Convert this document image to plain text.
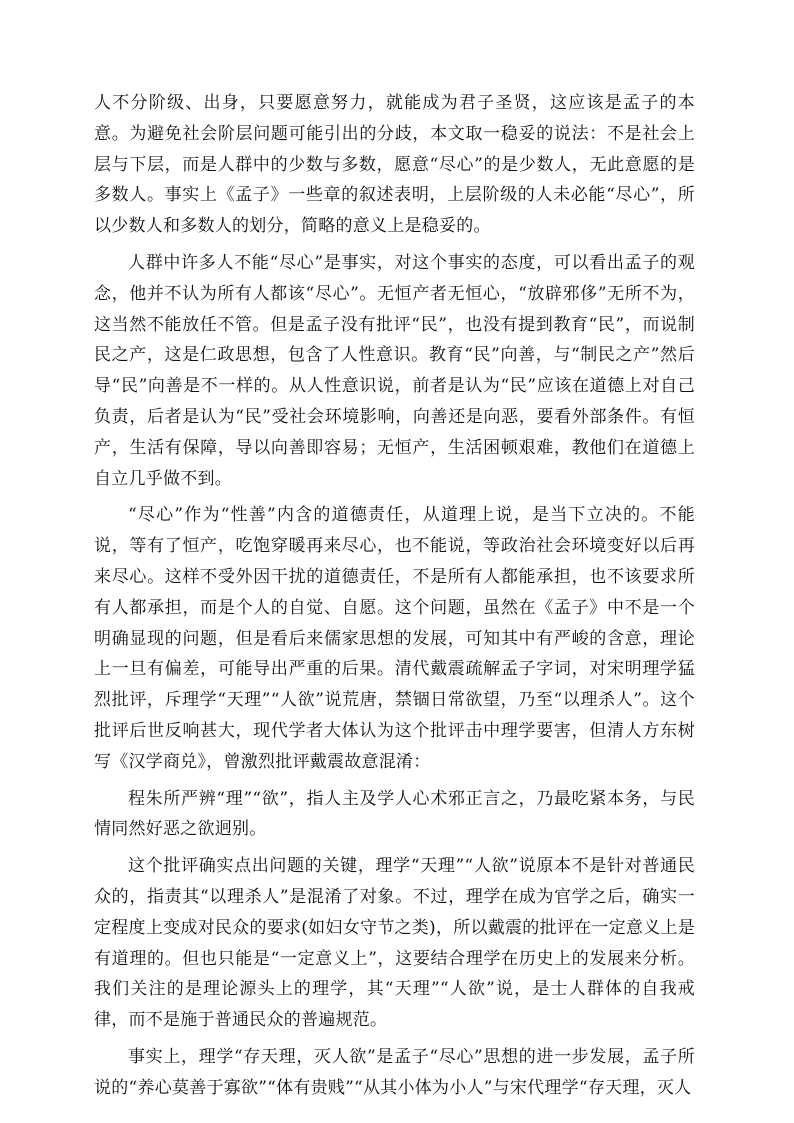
人不分阶级、出身，只要愿意努力，就能成为君子圣贤，这应该是孟子的本意。为避免社会阶层问题可能引出的分歧，本文取一稳妥的说法：不是社会上层与下层，而是人群中的少数与多数，愿意“尽心”的是少数人，无此意愿的是多数人。事实上《孟子》一些章的叙述表明，上层阶级的人未必能“尽心”，所以少数人和多数人的划分，简略的意义上是稳妥的。

人群中许多人不能“尽心”是事实，对这个事实的态度，可以看出孟子的观念，他并不认为所有人都该“尽心”。无恒产者无恒心，“放辟邪侈”无所不为，这当然不能放任不管。但是孟子没有批评“民”，也没有提到教育“民”，而说制民之产，这是仁政思想，包含了人性意识。教育“民”向善，与“制民之产”然后导“民”向善是不一样的。从人性意识说，前者是认为“民”应该在道德上对自己负责，后者是认为“民”受社会环境影响，向善还是向恶，要看外部条件。有恒产，生活有保障，导以向善即容易；无恒产，生活困顿艰难，教他们在道德上自立几乎做不到。

“尽心”作为“性善”内含的道德责任，从道理上说，是当下立决的。不能说，等有了恒产，吃饱穿暖再来尽心，也不能说，等政治社会环境变好以后再来尽心。这样不受外因干扰的道德责任，不是所有人都能承担，也不该要求所有人都承担，而是个人的自觉、自愿。这个问题，虽然在《孟子》中不是一个明确显现的问题，但是看后来儒家思想的发展，可知其中有严峻的含意，理论上一旦有偏差，可能导出严重的后果。清代戴震疏解孟子字词，对宋明理学猛烈批评，斥理学“天理”“人欲”说荒唐，禁锢日常欲望，乃至“以理杀人”。这个批评后世反响甚大，现代学者大体认为这个批评击中理学要害，但清人方东树写《汉学商兑》，曾激烈批评戴震故意混淆：

程朱所严辨“理”“欲”，指人主及学人心术邪正言之，乃最吃紧本务，与民情同然好恶之欲迥别。

这个批评确实点出问题的关键，理学“天理”“人欲”说原本不是针对普通民众的，指责其“以理杀人”是混淆了对象。不过，理学在成为官学之后，确实一定程度上变成对民众的要求(如妇女守节之类)，所以戴震的批评在一定意义上是有道理的。但也只能是“一定意义上”，这要结合理学在历史上的发展来分析。我们关注的是理论源头上的理学，其“天理”“人欲”说，是士人群体的自我戒律，而不是施于普通民众的普遍规范。

事实上，理学“存天理，灭人欲”是孟子“尽心”思想的进一步发展，孟子所说的“养心莫善于寡欲”“体有贵贱”“从其小体为小人”与宋代理学“存天理，灭人
